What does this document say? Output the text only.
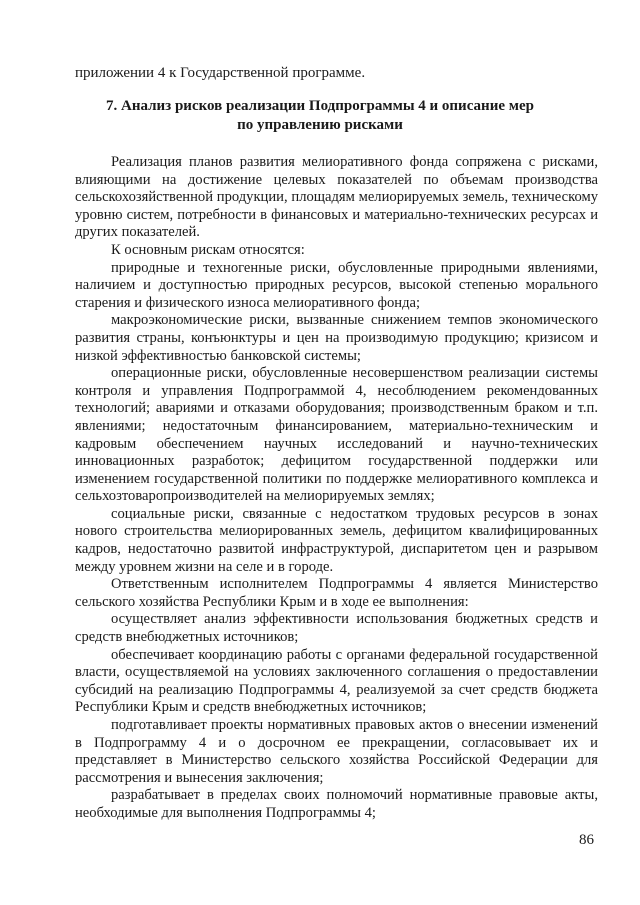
приложении 4 к Государственной программе.
7. Анализ рисков реализации Подпрограммы 4 и описание мер
по управлению рисками

Реализация планов развития мелиоративного фонда сопряжена с рисками, влияющими на достижение целевых показателей по объемам производства сельскохозяйственной продукции, площадям мелиорируемых земель, техническому уровню систем, потребности в финансовых и материально-технических ресурсах и других показателей.

К основным рискам относятся:

природные и техногенные риски, обусловленные природными явлениями, наличием и доступностью природных ресурсов, высокой степенью морального старения и физического износа мелиоративного фонда;

макроэкономические риски, вызванные снижением темпов экономического развития страны, конъюнктуры и цен на производимую продукцию; кризисом и низкой эффективностью банковской системы;

операционные риски, обусловленные несовершенством реализации системы контроля и управления Подпрограммой 4, несоблюдением рекомендованных технологий; авариями и отказами оборудования; производственным браком и т.п. явлениями; недостаточным финансированием, материально-техническим и кадровым обеспечением научных исследований и научно-технических инновационных разработок; дефицитом государственной поддержки или изменением государственной политики по поддержке мелиоративного комплекса и сельхозтоваропроизводителей на мелиорируемых землях;

социальные риски, связанные с недостатком трудовых ресурсов в зонах нового строительства мелиорированных земель, дефицитом квалифицированных кадров, недостаточно развитой инфраструктурой, диспаритетом цен и разрывом между уровнем жизни на селе и в городе.

Ответственным исполнителем Подпрограммы 4 является Министерство сельского хозяйства Республики Крым и в ходе ее выполнения:

осуществляет анализ эффективности использования бюджетных средств и средств внебюджетных источников;

обеспечивает координацию работы с органами федеральной государственной власти, осуществляемой на условиях заключенного соглашения о предоставлении субсидий на реализацию Подпрограммы 4, реализуемой за счет средств бюджета Республики Крым и средств внебюджетных источников;

подготавливает проекты нормативных правовых актов о внесении изменений в Подпрограмму 4 и о досрочном ее прекращении, согласовывает их и представляет в Министерство сельского хозяйства Российской Федерации для рассмотрения и вынесения заключения;

разрабатывает в пределах своих полномочий нормативные правовые акты, необходимые для выполнения Подпрограммы 4;

86
